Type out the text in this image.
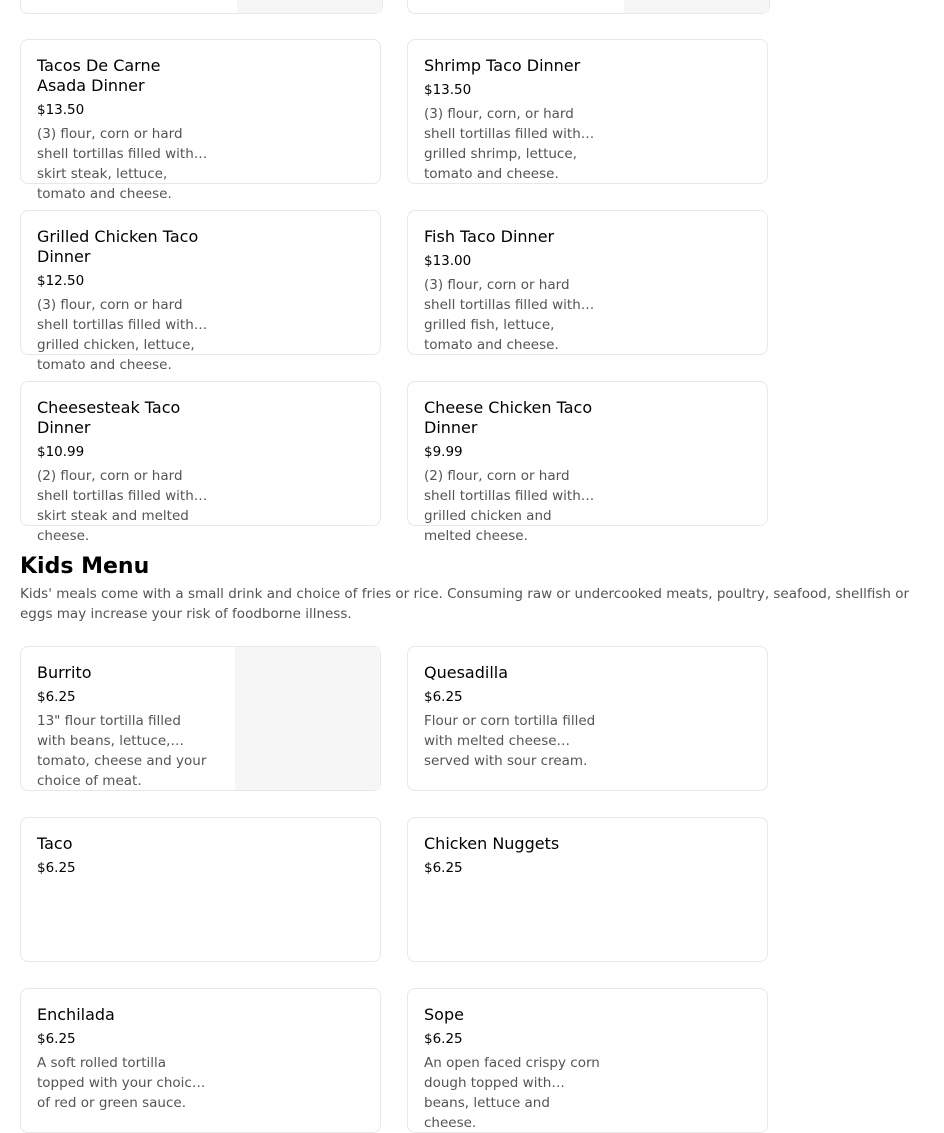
Tacos De Carne Asada Dinner
$13.50
(3) flour, corn or hard shell tortillas filled with skirt steak, lettuce, tomato and cheese.
Shrimp Taco Dinner
$13.50
(3) flour, corn, or hard shell tortillas filled with grilled shrimp, lettuce, tomato and cheese.
Grilled Chicken Taco Dinner
$12.50
(3) flour, corn or hard shell tortillas filled with grilled chicken, lettuce, tomato and cheese.
Fish Taco Dinner
$13.00
(3) flour, corn or hard shell tortillas filled with grilled fish, lettuce, tomato and cheese.
Cheesesteak Taco Dinner
$10.99
(2) flour, corn or hard shell tortillas filled with skirt steak and melted cheese.
Cheese Chicken Taco Dinner
$9.99
(2) flour, corn or hard shell tortillas filled with grilled chicken and melted cheese.
Kids Menu

Kids' meals come with a small drink and choice of fries or rice. Consuming raw or undercooked meats, poultry, seafood, shellfish or eggs may increase your risk of foodborne illness.

Burrito
$6.25
13" flour tortilla filled with beans, lettuce, tomato, cheese and your choice of meat.
Quesadilla
$6.25
Flour or corn tortilla filled with melted cheese served with sour cream.
Taco
$6.25
Chicken Nuggets
$6.25
Enchilada
$6.25
A soft rolled tortilla topped with your choice of red or green sauce.
Sope
$6.25
An open faced crispy corn dough topped with beans, lettuce and cheese.
